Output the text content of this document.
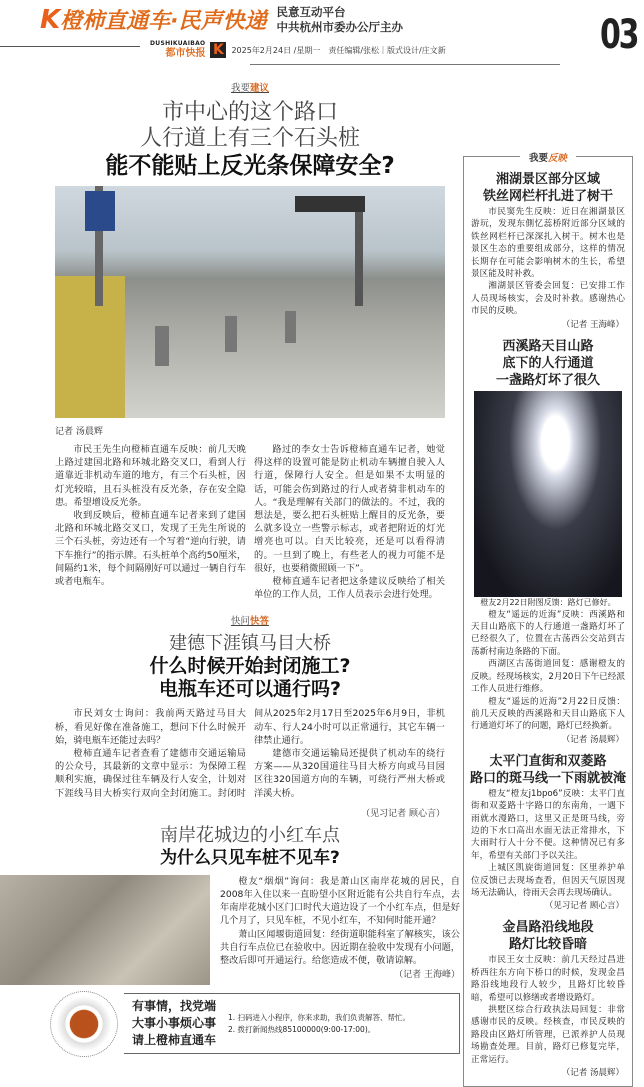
K橙柿直通车·民声快递 民意互动平台
中共杭州市委办公厅主办	03
DUSHIKUAIBAO
都市快报 K 2025年2月24日 /星期一　责任编辑/张松｜版式设计/庄文新
我要建议
市中心的这个路口
人行道上有三个石头桩
能不能贴上反光条保障安全?
记者 汤晨辉

市民王先生向橙柿直通车反映：前几天晚上路过建国北路和环城北路交叉口，看到人行道靠近非机动车道的地方，有三个石头桩，因灯光较暗，且石头桩没有反光条，存在安全隐患。希望增设反光条。

收到反映后，橙柿直通车记者来到了建国北路和环城北路交叉口，发现了王先生所说的三个石头桩，旁边还有一个写着“逆向行驶，请下车推行”的指示牌。石头桩单个高约50厘米，间隔约1米，每个间隔刚好可以通过一辆自行车或者电瓶车。

路过的李女士告诉橙柿直通车记者，她觉得这样的设置可能是防止机动车辆擅自驶入人行道，保障行人安全。但是如果不太明显的话，可能会伤到路过的行人或者骑非机动车的人。“我是理解有关部门的做法的。不过，我的想法是，要么把石头桩贴上醒目的反光条，要么就多设立一些警示标志，或者把附近的灯光增亮也可以。白天比较亮，还是可以看得清的。一旦到了晚上，有些老人的视力可能不是很好，也要稍微照顾一下”。

橙柿直通车记者把这条建议反映给了相关单位的工作人员，工作人员表示会进行处理。

快问快答
建德下涯镇马目大桥
什么时候开始封闭施工?
电瓶车还可以通行吗?

市民刘女士询问：我前两天路过马目大桥，看见好像在准备施工，想问下什么时候开始，骑电瓶车还能过去吗？

橙柿直通车记者查看了建德市交通运输局的公众号，其最新的文章中显示：为保障工程顺利实施，确保过往车辆及行人安全，计划对下涯线马目大桥实行双向全封闭施工。封闭时间从2025年2月17日至2025年6月9日，非机动车、行人24小时可以正常通行，其它车辆一律禁止通行。

建德市交通运输局还提供了机动车的绕行方案——从320国道往马目大桥方向或马目园区往320国道方向的车辆，可绕行严州大桥或洋溪大桥。

（见习记者 顾心言）
南岸花城边的小红车点
为什么只见车桩不见车?

橙友“烟烟”询问：我是萧山区南岸花城的居民，自2008年入住以来一直盼望小区附近能有公共自行车点，去年南岸花城小区门口时代大道边设了一个小红车点，但是好几个月了，只见车桩，不见小红车，不知何时能开通？

萧山区闻堰街道回复：经街道职能科室了解核实，该公共自行车点位已在验收中。因近期在验收中发现有小问题，整改后即可开通运行。给您造成不便，敬请谅解。

（记者 王海峰）
有事情，找党端
大事小事烦心事
请上橙柿直通车
1. 扫码进入小程序，你来求助，我们负责解答、帮忙。
2. 拨打新闻热线85100000(9:00-17:00)。
湘湖景区部分区域
铁丝网栏杆扎进了树干

市民窦先生反映：近日在湘湖景区游玩，发现东側忆蕊桥附近部分区域的铁丝网栏杆已深深扎入树干。树木也是景区生态的重要组成部分，这样的情况长期存在可能会影响树木的生长，希望景区能及时补救。

湘湖景区管委会回复：已安排工作人员现场核实，会及时补救。感谢热心市民的反映。

（记者 王海峰）
西溪路天目山路
底下的人行通道
一盏路灯坏了很久
橙友2月22日附图反馈：路灯已修好。

橙友“遥远的近海”反映：西溪路和天目山路底下的人行通道一盏路灯坏了已经很久了，位置在古荡西公交站到古荡新村南边条路的下面。

西湖区古荡街道回复：感谢橙友的反映。经现场核实，2月20日下午已经派工作人员进行维修。

橙友“遥远的近海”2月22日反馈：前几天反映的西溪路和天目山路底下人行通道灯坏了的问题，路灯已经换新。

（记者 汤晨辉）
太平门直街和双菱路
路口的斑马线一下雨就被淹

橙友“橙友j1bpo6”反映：太平门直街和双菱路十字路口的东南角，一遇下雨就水漫路口，这里又正是斑马线，旁边的下水口高出水面无法正常排水，下大雨时行人十分不便。这种情况已有多年，希望有关部门予以关注。

上城区凯旋街道回复：区里养护单位反馈已去现场查看，但因天气原因现场无法确认，待雨天会再去现场确认。

（见习记者 顾心言）
金昌路沿线地段
路灯比较昏暗

市民王女士反映：前几天经过昌进桥西往东方向下桥口的时候，发现金昌路沿线地段行人较少，且路灯比较昏暗，希望可以修缮或者增设路灯。

拱墅区综合行政执法局回复：非常感谢市民的反映。经核查，市民反映的路段由区路灯所管理，已派养护人员现场勘查处理。目前，路灯已修复完毕，正常运行。

（记者 汤晨辉）
我要反映
